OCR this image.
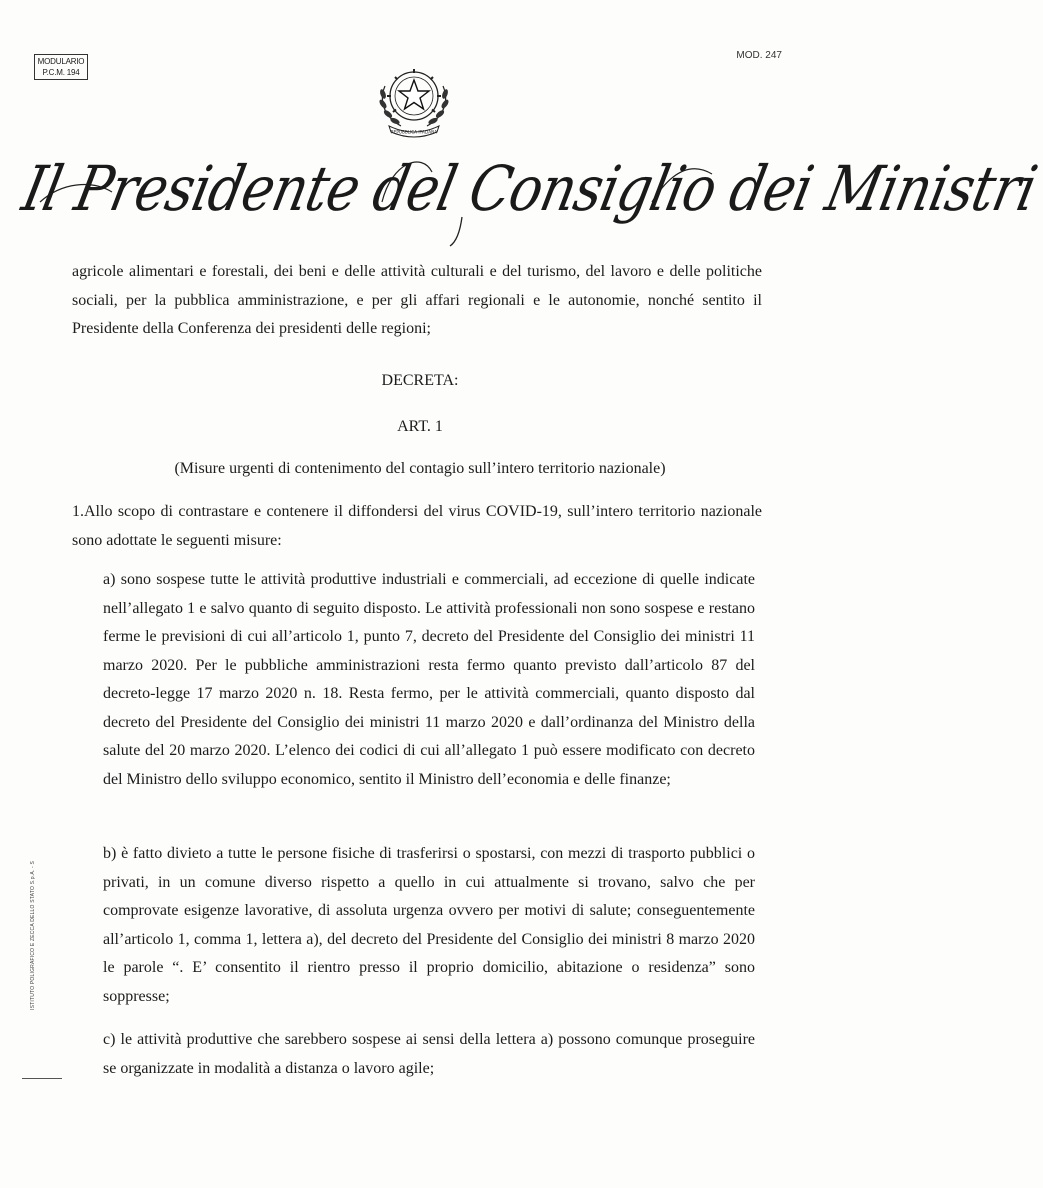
MODULARIO
P.C.M. 194
MOD. 247
REPUBBLICA ITALIANA
Il Presidente del Consiglio dei Ministri
agricole alimentari e forestali, dei beni e delle attività culturali e del turismo, del lavoro e delle politiche sociali, per la pubblica amministrazione, e per gli affari regionali e le autonomie, nonché sentito il Presidente della Conferenza dei presidenti delle regioni;
DECRETA:
ART. 1
(Misure urgenti di contenimento del contagio sull’intero territorio nazionale)
1.Allo scopo di contrastare e contenere il diffondersi del virus COVID-19, sull’intero territorio nazionale sono adottate le seguenti misure:
a) sono sospese tutte le attività produttive industriali e commerciali, ad eccezione di quelle indicate nell’allegato 1 e salvo quanto di seguito disposto. Le attività professionali non sono sospese e restano ferme le previsioni di cui all’articolo 1, punto 7, decreto del Presidente del Consiglio dei ministri 11 marzo 2020. Per le pubbliche amministrazioni resta fermo quanto previsto dall’articolo 87 del decreto-legge 17 marzo 2020 n. 18. Resta fermo, per le attività commerciali, quanto disposto dal decreto del Presidente del Consiglio dei ministri 11 marzo 2020 e dall’ordinanza del Ministro della salute del 20 marzo 2020. L’elenco dei codici di cui all’allegato 1 può essere modificato con decreto del Ministro dello sviluppo economico, sentito il Ministro dell’economia e delle finanze;
b) è fatto divieto a tutte le persone fisiche di trasferirsi o spostarsi, con mezzi di trasporto pubblici o privati, in un comune diverso rispetto a quello in cui attualmente si trovano, salvo che per comprovate esigenze lavorative, di assoluta urgenza ovvero per motivi di salute; conseguentemente all’articolo 1, comma 1, lettera a), del decreto del Presidente del Consiglio dei ministri 8 marzo 2020 le parole “. E’ consentito il rientro presso il proprio domicilio, abitazione o residenza” sono soppresse;
c) le attività produttive che sarebbero sospese ai sensi della lettera a) possono comunque proseguire se organizzate in modalità a distanza o lavoro agile;
ISTITUTO POLIGRAFICO E ZECCA DELLO STATO S.p.A. - S
